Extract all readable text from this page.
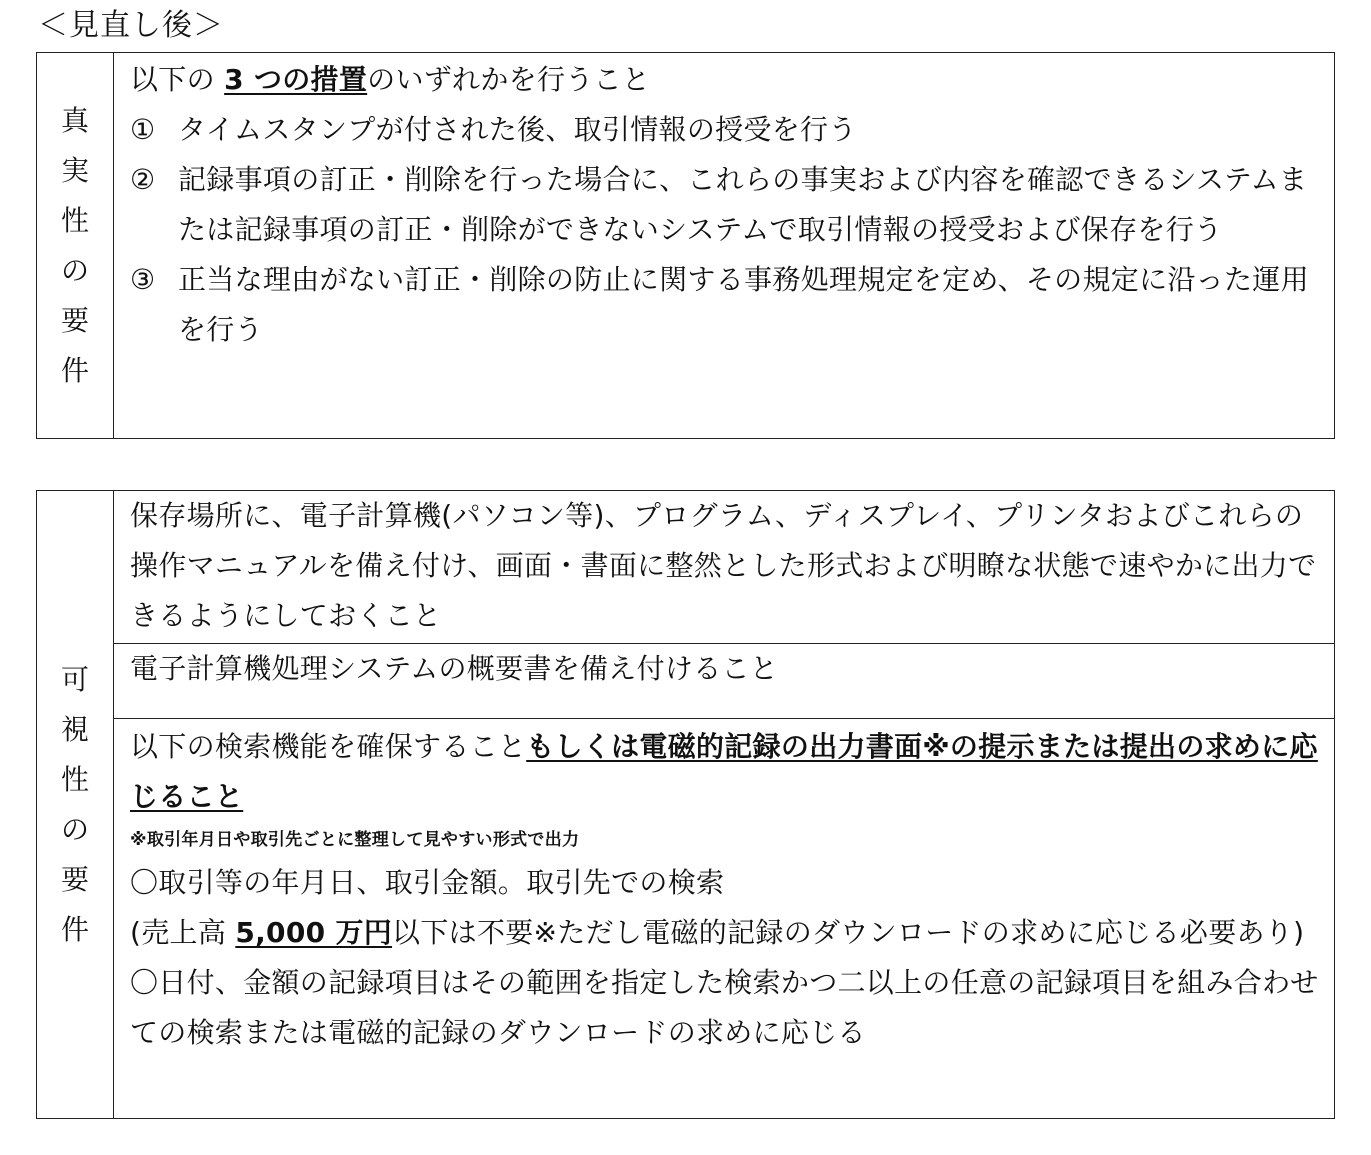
＜見直し後＞
真実性の要件	
以下の 3 つの措置のいずれかを行うこと
① タイムスタンプが付された後、取引情報の授受を行う
② 記録事項の訂正・削除を行った場合に、これらの事実および内容を確認できるシステムまたは記録事項の訂正・削除ができないシステムで取引情報の授受および保存を行う
③ 正当な理由がない訂正・削除の防止に関する事務処理規定を定め、その規定に沿った運用を行う
可視性の要件	
保存場所に、電子計算機(パソコン等)、プログラム、ディスプレイ、プリンタおよびこれらの操作マニュアルを備え付け、画面・書面に整然とした形式および明瞭な状態で速やかに出力できるようにしておくこと

電子計算機処理システムの概要書を備え付けること

以下の検索機能を確保することもしくは電磁的記録の出力書面※の提示または提出の求めに応じること
※取引年月日や取引先ごとに整理して見やすい形式で出力
〇取引等の年月日、取引金額。取引先での検索
(売上高 5,000 万円以下は不要※ただし電磁的記録のダウンロードの求めに応じる必要あり)
〇日付、金額の記録項目はその範囲を指定した検索かつ二以上の任意の記録項目を組み合わせての検索または電磁的記録のダウンロードの求めに応じる
